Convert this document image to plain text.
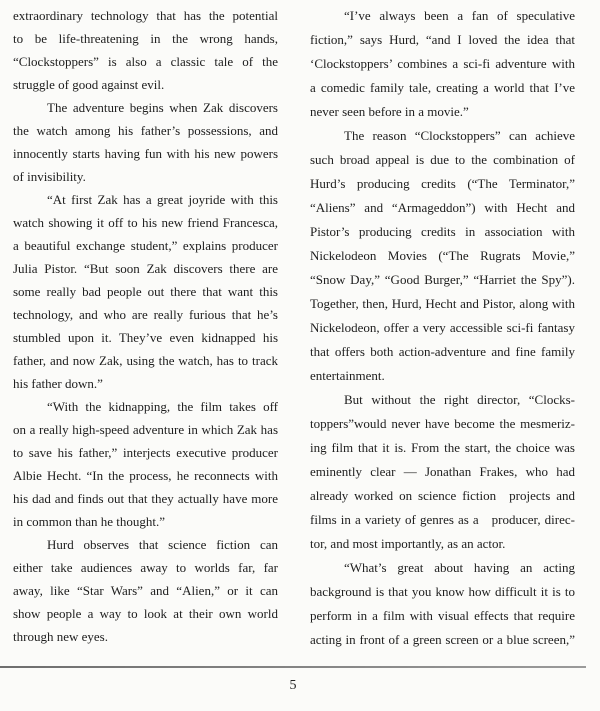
extraordinary technology that has the potential
to be life-threatening in the wrong hands,
“Clockstoppers” is also a classic tale of the
struggle of good against evil.
The adventure begins when Zak discovers
the watch among his father’s possessions, and
innocently starts having fun with his new powers
of invisibility.
“At first Zak has a great joyride with this
watch showing it off to his new friend Francesca,
a beautiful exchange student,” explains producer
Julia Pistor. “But soon Zak discovers there are
some really bad people out there that want this
technology, and who are really furious that he’s
stumbled upon it. They’ve even kidnapped his
father, and now Zak, using the watch, has to track
his father down.”
“With the kidnapping, the film takes off
on a really high-speed adventure in which Zak has
to save his father,” interjects executive producer
Albie Hecht. “In the process, he reconnects with
his dad and finds out that they actually have more
in common than he thought.”
Hurd observes that science fiction can
either take audiences away to worlds far, far
away, like “Star Wars” and “Alien,” or it can
show people a way to look at their own world
through new eyes.
“I’ve always been a fan of speculative
fiction,” says Hurd, “and I loved the idea that
‘Clockstoppers’ combines a sci-fi adventure with
a comedic family tale, creating a world that I’ve
never seen before in a movie.”
The reason “Clockstoppers” can achieve
such broad appeal is due to the combination of
Hurd’s producing credits (“The Terminator,”
“Aliens” and “Armageddon”) with Hecht and
Pistor’s producing credits in association with
Nickelodeon Movies (“The Rugrats Movie,”
“Snow Day,” “Good Burger,” “Harriet the Spy”).
Together, then, Hurd, Hecht and Pistor, along with
Nickelodeon, offer a very accessible sci-fi fantasy
that offers both action-adventure and fine family
entertainment.
But without the right director, “Clocks-
toppers”would never have become the mesmeriz-
ing film that it is. From the start, the choice was
eminently clear — Jonathan Frakes, who had
already worked on science fiction  projects and
films in a variety of genres as a  producer, direc-
tor, and most importantly, as an actor.
“What’s great about having an acting
background is that you know how difficult it is to
perform in a film with visual effects that require
acting in front of a green screen or a blue screen,”
5
